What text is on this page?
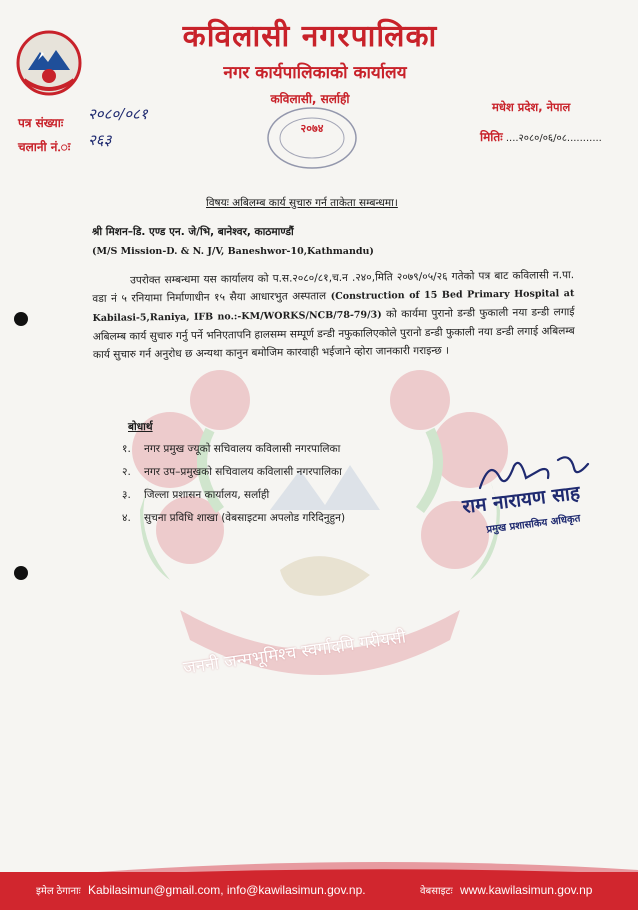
कविलासी नगरपालिका
नगर कार्यपालिकाको कार्यालय
कविलासी, सर्लाही
मधेश प्रदेश, नेपाल
पत्र संख्याः २०८०/०८१
चलानी नं.ः २६३	मितिः ....२०८०/०६/०८...........
२०७४
विषयः अबिलम्ब कार्य सुचारु गर्न ताकेता सम्बन्धमा।
श्री मिशन–डि. एण्ड एन. जे/भि, बानेश्वर, काठमाण्डौं
(M/S Mission-D. & N. J/V, Baneshwor-10,Kathmandu)
उपरोक्त सम्बन्धमा यस कार्यालय को प.स.२०८०/८१,च.न .२४०,मिति २०७९/०५/२६ गतेको पत्र बाट कविलासी न.पा. वडा नं ५ रनियामा निर्माणाधीन १५ सैया आधारभुत अस्पताल (Construction of 15 Bed Primary Hospital at Kabilasi-5,Raniya, IFB no.:-KM/WORKS/NCB/78-79/3) को कार्यमा पुरानो डन्डी फुकाली नया डन्डी लगाई अबिलम्ब कार्य सुचारु गर्नु पर्ने भनिएतापनि हालसम्म सम्पूर्ण डन्डी नफुकालिएकोले पुरानो डन्डी फुकाली नया डन्डी लगाई अबिलम्ब कार्य सुचारु गर्न अनुरोध छ अन्यथा कानुन बमोजिम कारवाही भईजाने व्होरा जानकारी गराइन्छ ।
बोधार्थ
१. नगर प्रमुख ज्यूको सचिवालय कविलासी नगरपालिका
२. नगर उप–प्रमुखको सचिवालय कविलासी नगरपालिका
३. जिल्ला प्रशासन कार्यालय, सर्लाही
४. सुचना प्रविधि शाखा (वेबसाइटमा अपलोड गरिदिनुहुन)	राम नारायण साह
प्रमुख प्रशासकिय अधिकृत
जननी जन्मभूमिश्च स्वर्गादपि गरीयसी
इमेल ठेगानाः Kabilasimun@gmail.com, info@kawilasimun.gov.np.	वेबसाइटः www.kawilasimun.gov.np
